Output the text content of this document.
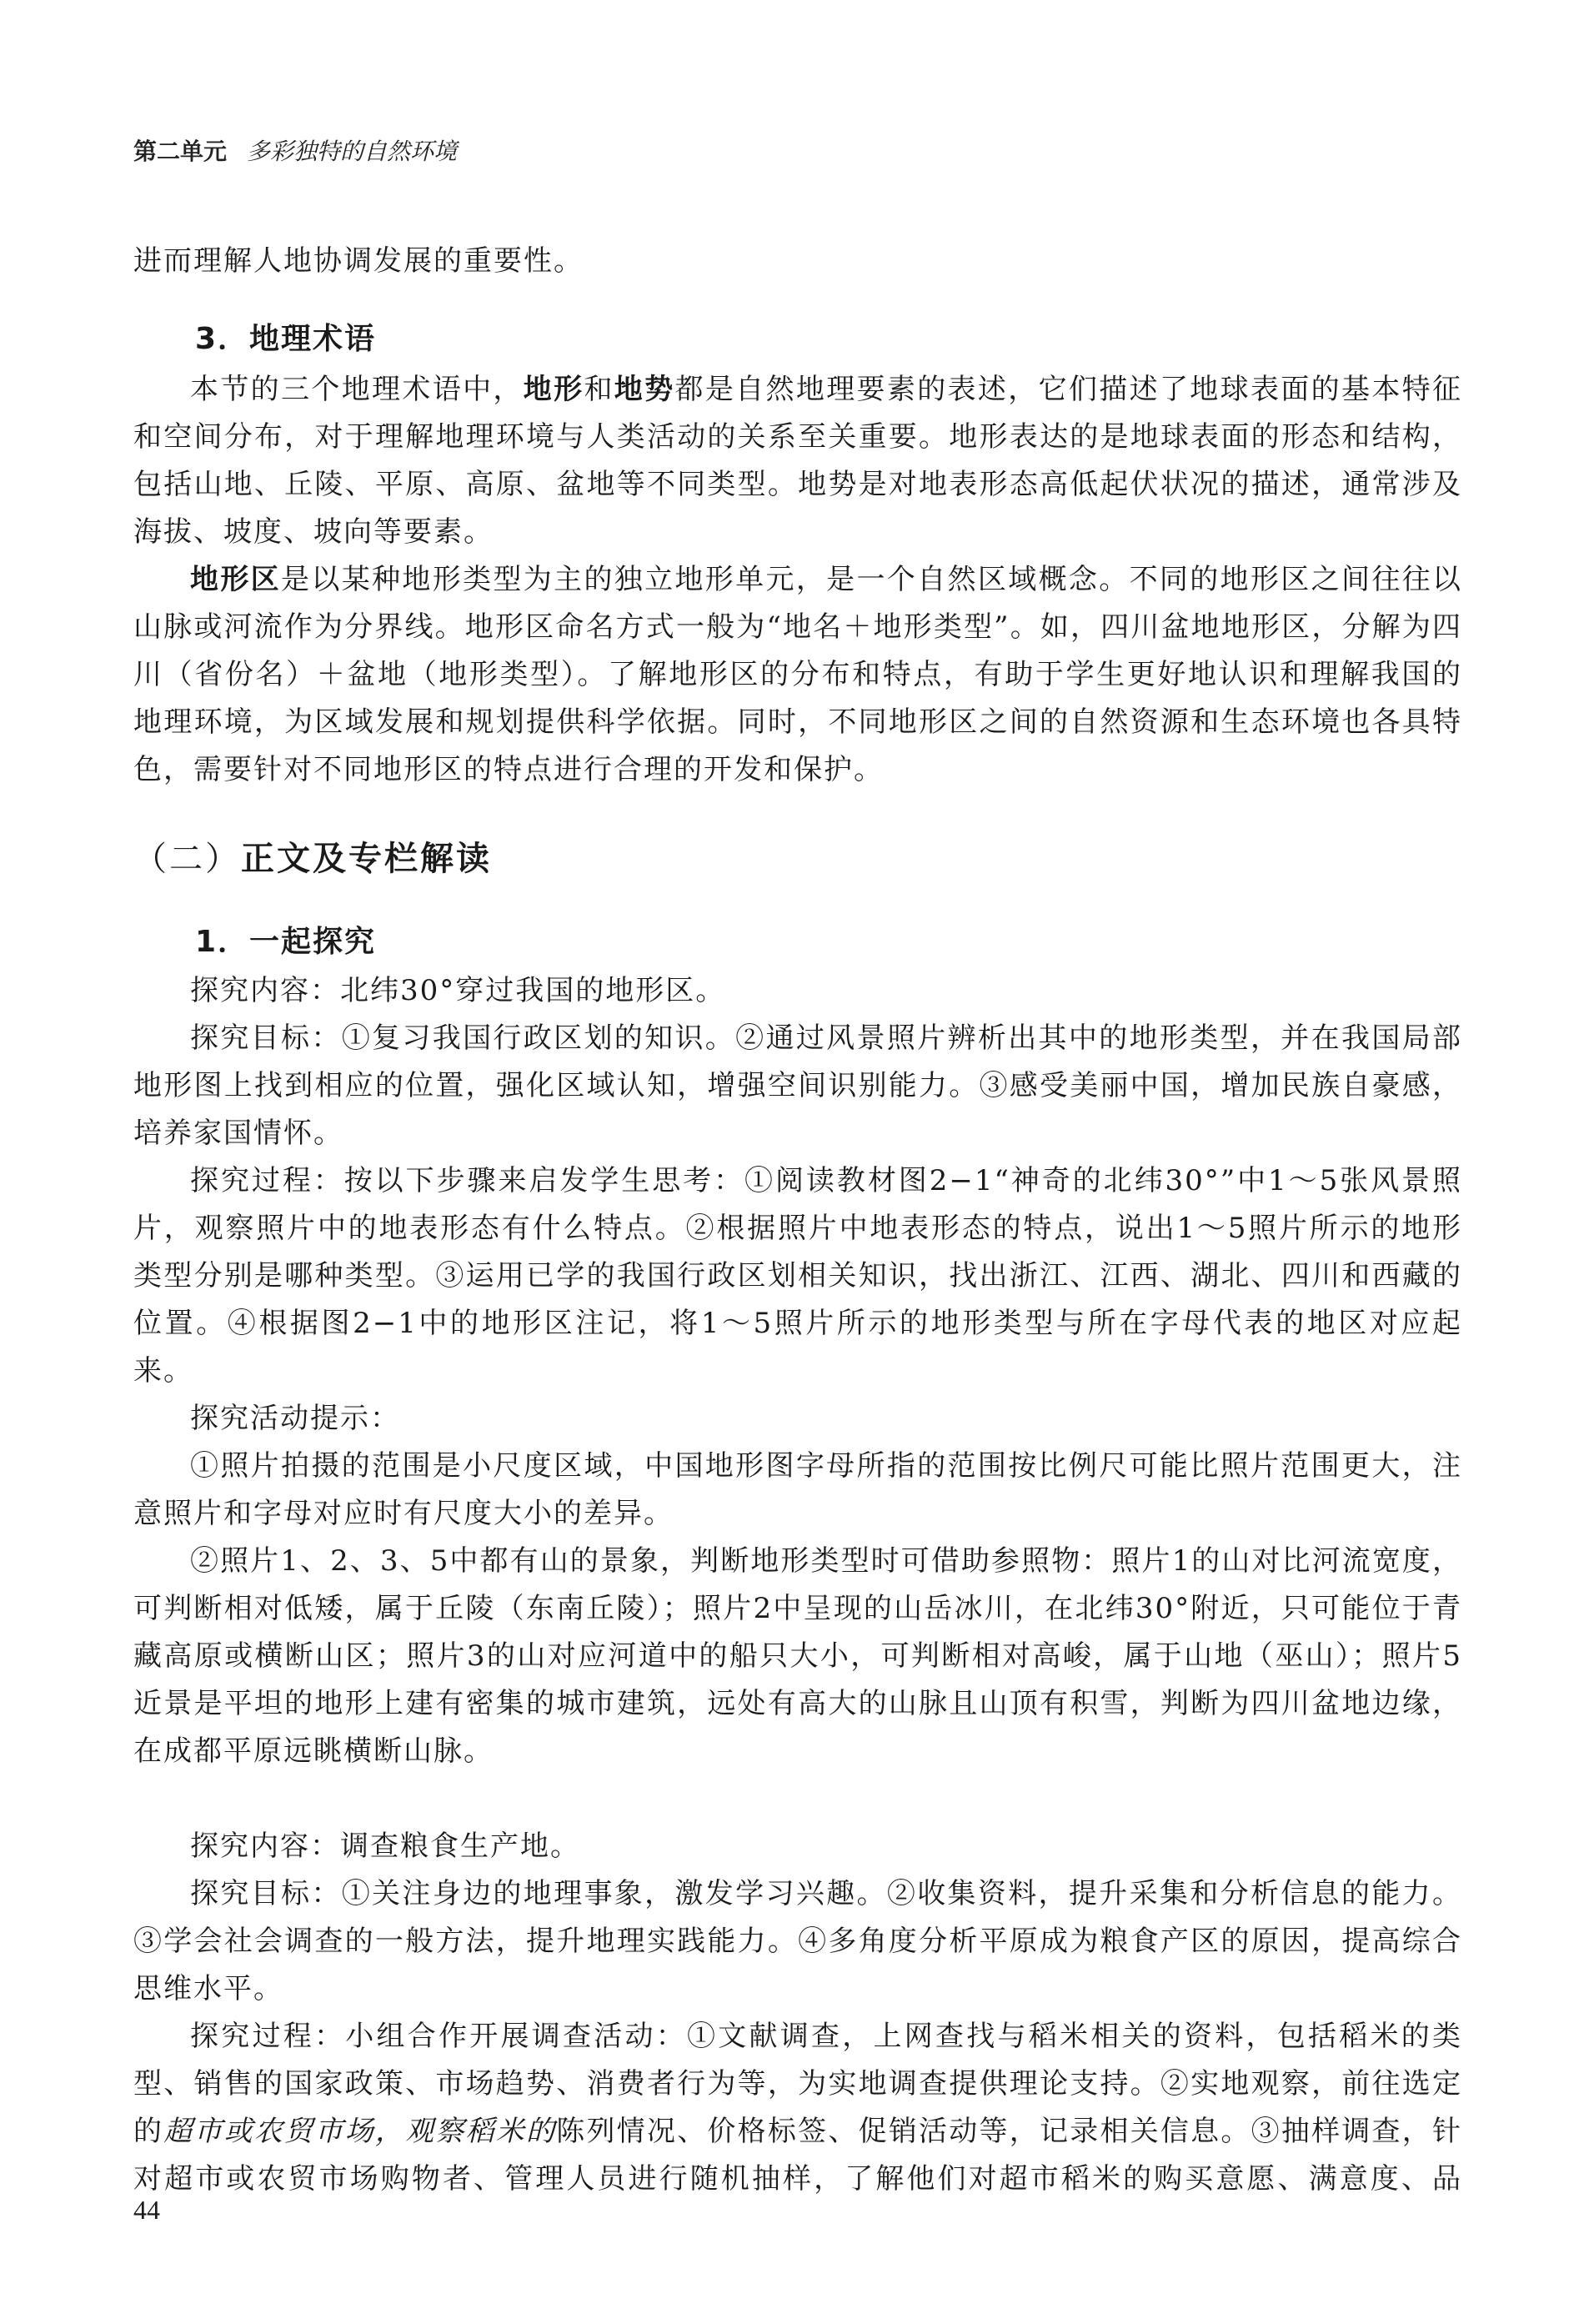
第二单元 多彩独特的自然环境

进而理解人地协调发展的重要性。

3．地理术语

本节的三个地理术语中，地形和地势都是自然地理要素的表述，它们描述了地球表面的基本特征和空间分布，对于理解地理环境与人类活动的关系至关重要。地形表达的是地球表面的形态和结构，包括山地、丘陵、平原、高原、盆地等不同类型。地势是对地表形态高低起伏状况的描述，通常涉及海拔、坡度、坡向等要素。

地形区是以某种地形类型为主的独立地形单元，是一个自然区域概念。不同的地形区之间往往以山脉或河流作为分界线。地形区命名方式一般为“地名＋地形类型”。如，四川盆地地形区，分解为四川（省份名）＋盆地（地形类型）。了解地形区的分布和特点，有助于学生更好地认识和理解我国的地理环境，为区域发展和规划提供科学依据。同时，不同地形区之间的自然资源和生态环境也各具特色，需要针对不同地形区的特点进行合理的开发和保护。

（二）正文及专栏解读
1．一起探究

探究内容：北纬30°穿过我国的地形区。

探究目标：①复习我国行政区划的知识。②通过风景照片辨析出其中的地形类型，并在我国局部地形图上找到相应的位置，强化区域认知，增强空间识别能力。③感受美丽中国，增加民族自豪感，培养家国情怀。

探究过程：按以下步骤来启发学生思考：①阅读教材图2−1“神奇的北纬30°”中1～5张风景照片，观察照片中的地表形态有什么特点。②根据照片中地表形态的特点，说出1～5照片所示的地形类型分别是哪种类型。③运用已学的我国行政区划相关知识，找出浙江、江西、湖北、四川和西藏的位置。④根据图2−1中的地形区注记，将1～5照片所示的地形类型与所在字母代表的地区对应起来。

探究活动提示：

①照片拍摄的范围是小尺度区域，中国地形图字母所指的范围按比例尺可能比照片范围更大，注意照片和字母对应时有尺度大小的差异。

②照片1、2、3、5中都有山的景象，判断地形类型时可借助参照物：照片1的山对比河流宽度，可判断相对低矮，属于丘陵（东南丘陵）；照片2中呈现的山岳冰川，在北纬30°附近，只可能位于青藏高原或横断山区；照片3的山对应河道中的船只大小，可判断相对高峻，属于山地（巫山）；照片5近景是平坦的地形上建有密集的城市建筑，远处有高大的山脉且山顶有积雪，判断为四川盆地边缘，在成都平原远眺横断山脉。

探究内容：调查粮食生产地。

探究目标：①关注身边的地理事象，激发学习兴趣。②收集资料，提升采集和分析信息的能力。③学会社会调查的一般方法，提升地理实践能力。④多角度分析平原成为粮食产区的原因，提高综合思维水平。

探究过程：小组合作开展调查活动：①文献调查，上网查找与稻米相关的资料，包括稻米的类型、销售的国家政策、市场趋势、消费者行为等，为实地调查提供理论支持。②实地观察，前往选定的超市或农贸市场，观察稻米的陈列情况、价格标签、促销活动等，记录相关信息。③抽样调查，针对超市或农贸市场购物者、管理人员进行随机抽样，了解他们对超市稻米的购买意愿、满意度、品

44
